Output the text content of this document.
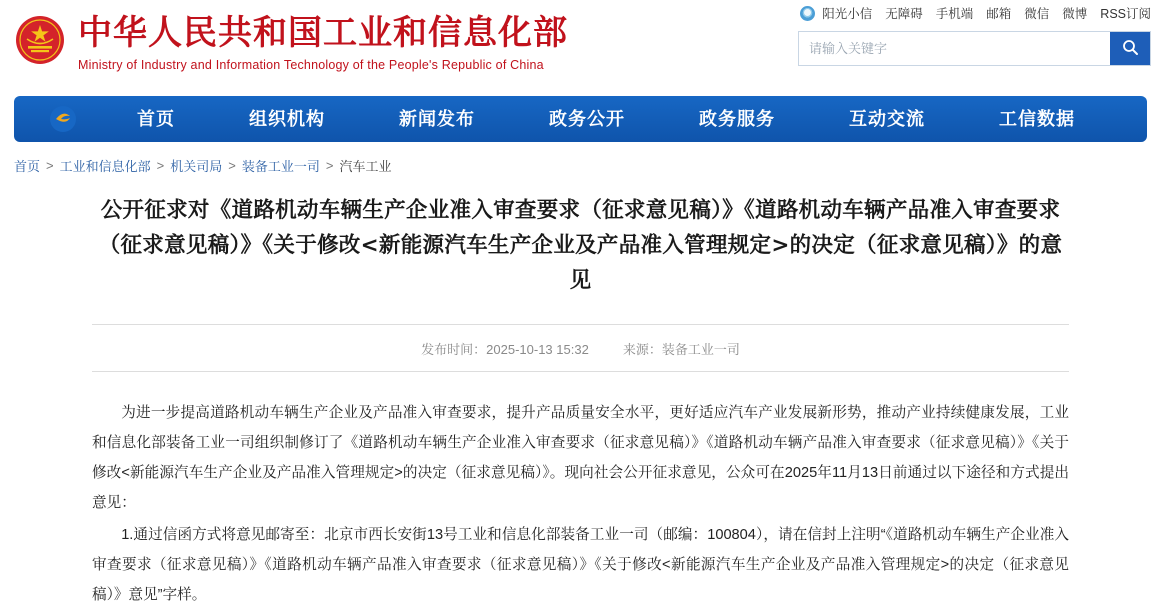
中华人民共和国工业和信息化部
Ministry of Industry and Information Technology of the People's Republic of China
阳光小信 无障碍 手机端 邮箱 微信 微博 RSS订阅
请输入关键字
首页	组织机构	新闻发布	政务公开	政务服务	互动交流	工信数据
首页 > 工业和信息化部 > 机关司局 > 装备工业一司 > 汽车工业
公开征求对《道路机动车辆生产企业准入审查要求（征求意见稿）》《道路机动车辆产品准入审查要求（征求意见稿）》《关于修改<新能源汽车生产企业及产品准入管理规定>的决定（征求意见稿）》的意见
发布时间：2025-10-13 15:32	来源：装备工业一司

为进一步提高道路机动车辆生产企业及产品准入审查要求，提升产品质量安全水平，更好适应汽车产业发展新形势，推动产业持续健康发展，工业和信息化部装备工业一司组织制修订了《道路机动车辆生产企业准入审查要求（征求意见稿）》《道路机动车辆产品准入审查要求（征求意见稿）》《关于修改<新能源汽车生产企业及产品准入管理规定>的决定（征求意见稿）》。现向社会公开征求意见，公众可在2025年11月13日前通过以下途径和方式提出意见：

1.通过信函方式将意见邮寄至：北京市西长安街13号工业和信息化部装备工业一司（邮编：100804），请在信封上注明“《道路机动车辆生产企业准入审查要求（征求意见稿）》《道路机动车辆产品准入审查要求（征求意见稿）》《关于修改<新能源汽车生产企业及产品准入管理规定>的决定（征求意见稿）》意见”字样。
